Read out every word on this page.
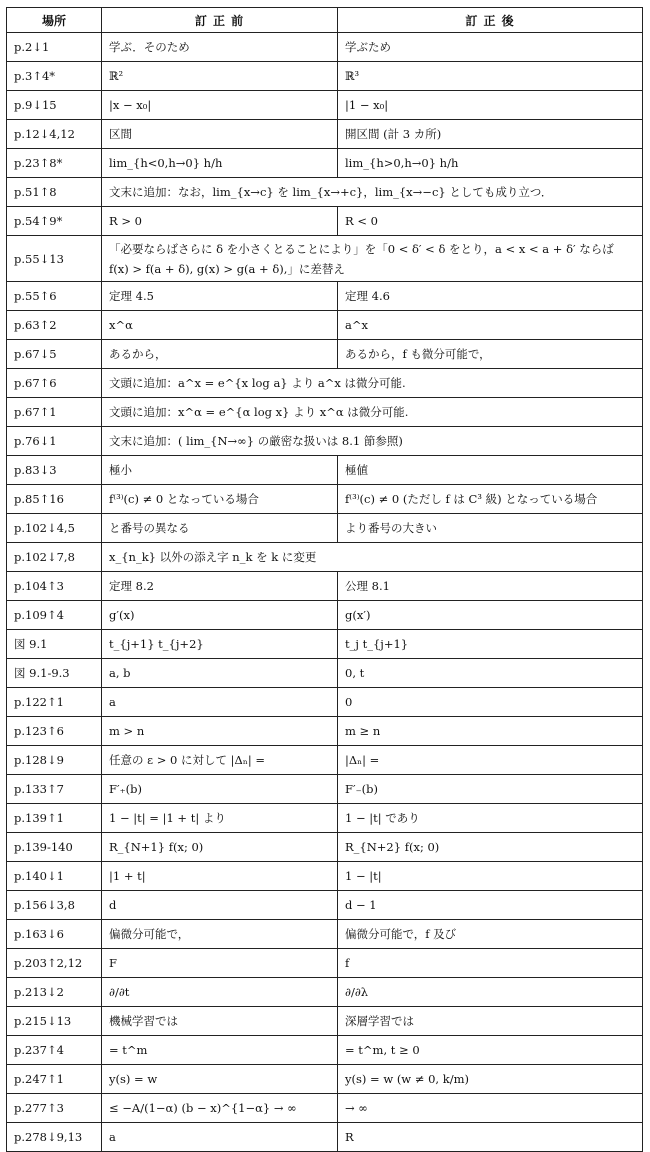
場所	訂 正 前	訂 正 後
p.2↓1	学ぶ．そのため	学ぶため
p.3↑4*	ℝ²	ℝ³
p.9↓15	|x − x₀|	|1 − x₀|
p.12↓4,12	区間	開区間 (計 3 カ所)
p.23↑8*	lim_{h<0,h→0} h/h	lim_{h>0,h→0} h/h
p.51↑8	文末に追加：なお，lim_{x→c} を lim_{x→+c}，lim_{x→−c} としても成り立つ．	
p.54↑9*	R > 0	R < 0
p.55↓13	「必要ならばさらに δ を小さくとることにより」を「0 < δ′ < δ をとり，a < x < a + δ′ ならば f(x) > f(a + δ), g(x) > g(a + δ),」に差替え	
p.55↑6	定理 4.5	定理 4.6
p.63↑2	x^α	a^x
p.67↓5	あるから，	あるから，f も微分可能で，
p.67↑6	文頭に追加：a^x = e^{x log a} より a^x は微分可能.	
p.67↑1	文頭に追加：x^α = e^{α log x} より x^α は微分可能.	
p.76↓1	文末に追加：( lim_{N→∞} の厳密な扱いは 8.1 節参照)	
p.83↓3	極小	極値
p.85↑16	f⁽³⁾(c) ≠ 0 となっている場合	f⁽³⁾(c) ≠ 0 (ただし f は C³ 級) となっている場合
p.102↓4,5	と番号の異なる	より番号の大きい
p.102↓7,8	x_{n_k} 以外の添え字 n_k を k に変更	
p.104↑3	定理 8.2	公理 8.1
p.109↑4	g′(x)	g(x′)
図 9.1	t_{j+1} t_{j+2}	t_j t_{j+1}
図 9.1-9.3	a, b	0, t
p.122↑1	a	0
p.123↑6	m > n	m ≥ n
p.128↓9	任意の ε > 0 に対して |Δₙ| =	|Δₙ| =
p.133↑7	F′₊(b)	F′₋(b)
p.139↑1	1 − |t| = |1 + t| より	1 − |t| であり
p.139-140	R_{N+1} f(x; 0)	R_{N+2} f(x; 0)
p.140↓1	|1 + t|	1 − |t|
p.156↓3,8	d	d − 1
p.163↓6	偏微分可能で，	偏微分可能で，f 及び
p.203↑2,12	F	f
p.213↓2	∂/∂t	∂/∂λ
p.215↓13	機械学習では	深層学習では
p.237↑4	= t^m	= t^m, t ≥ 0
p.247↑1	y(s) = w	y(s) = w (w ≠ 0, k/m)
p.277↑3	≤ −A/(1−α) (b − x)^{1−α} → ∞	→ ∞
p.278↓9,13	a	R
